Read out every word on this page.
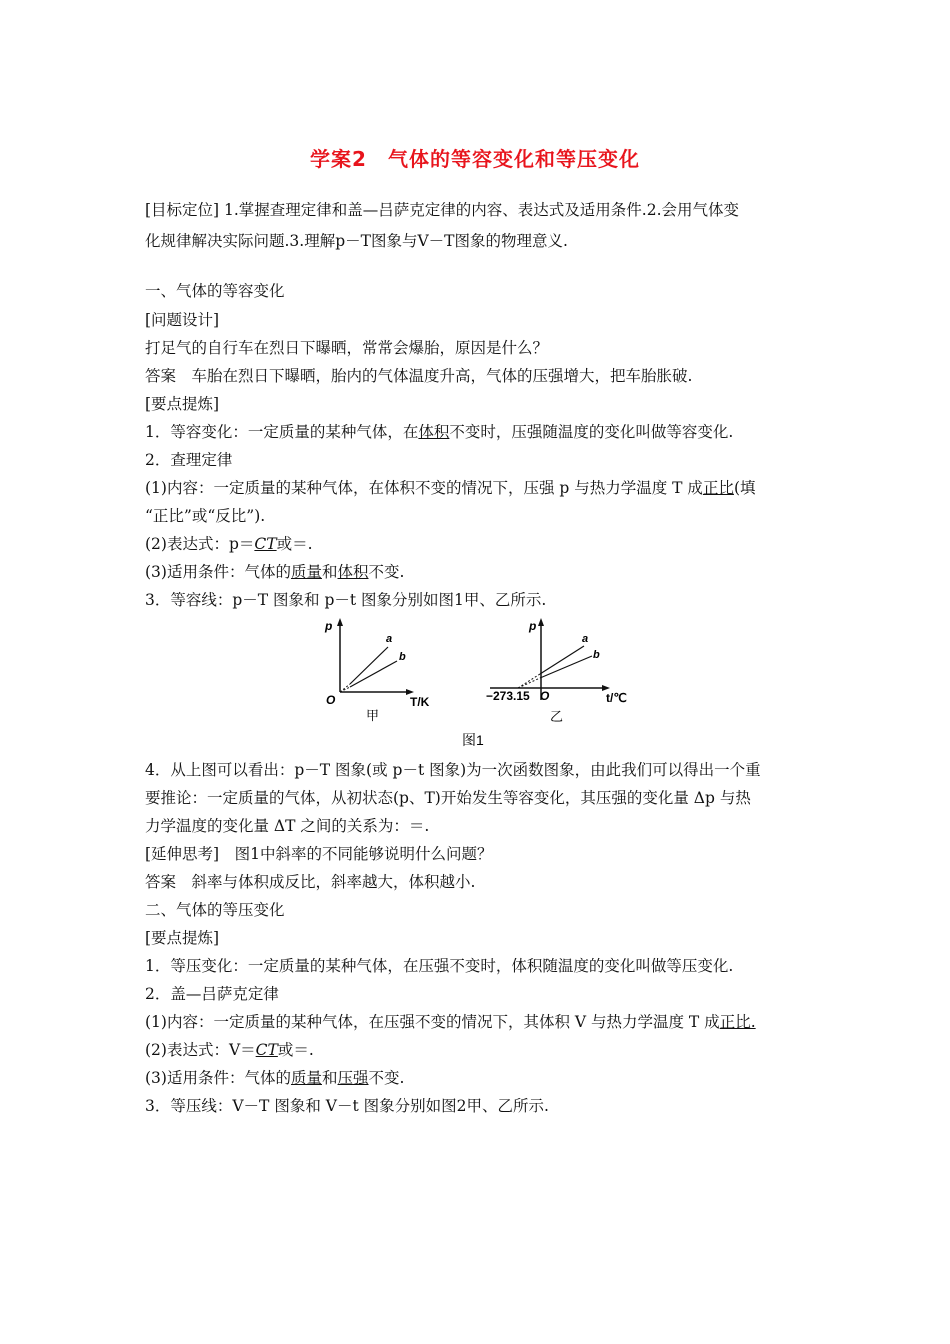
学案2　气体的等容变化和等压变化
[目标定位] 1.掌握查理定律和盖—吕萨克定律的内容、表达式及适用条件.2.会用气体变
化规律解决实际问题.3.理解p－T图象与V－T图象的物理意义.
一、气体的等容变化
[问题设计]
打足气的自行车在烈日下曝晒，常常会爆胎，原因是什么？
答案　车胎在烈日下曝晒，胎内的气体温度升高，气体的压强增大，把车胎胀破.
[要点提炼]
1．等容变化：一定质量的某种气体，在体积不变时，压强随温度的变化叫做等容变化.
2．查理定律
(1)内容：一定质量的某种气体，在体积不变的情况下，压强 p 与热力学温度 T 成正比(填
“正比”或“反比”).
(2)表达式：p＝CT或＝.
(3)适用条件：气体的质量和体积不变.
3．等容线：p－T 图象和 p－t 图象分别如图1甲、乙所示.
p
O	T/K
a
b
甲
p
O
−273.15	t/℃
a
b
乙
图1
4．从上图可以看出：p－T 图象(或 p－t 图象)为一次函数图象，由此我们可以得出一个重
要推论：一定质量的气体，从初状态(p、T)开始发生等容变化，其压强的变化量 Δp 与热
力学温度的变化量 ΔT 之间的关系为：＝.
[延伸思考]　图1中斜率的不同能够说明什么问题？
答案　斜率与体积成反比，斜率越大，体积越小.
二、气体的等压变化
[要点提炼]
1．等压变化：一定质量的某种气体，在压强不变时，体积随温度的变化叫做等压变化.
2．盖—吕萨克定律
(1)内容：一定质量的某种气体，在压强不变的情况下，其体积 V 与热力学温度 T 成正比.
(2)表达式：V＝CT或＝.
(3)适用条件：气体的质量和压强不变.
3．等压线：V－T 图象和 V－t 图象分别如图2甲、乙所示.
